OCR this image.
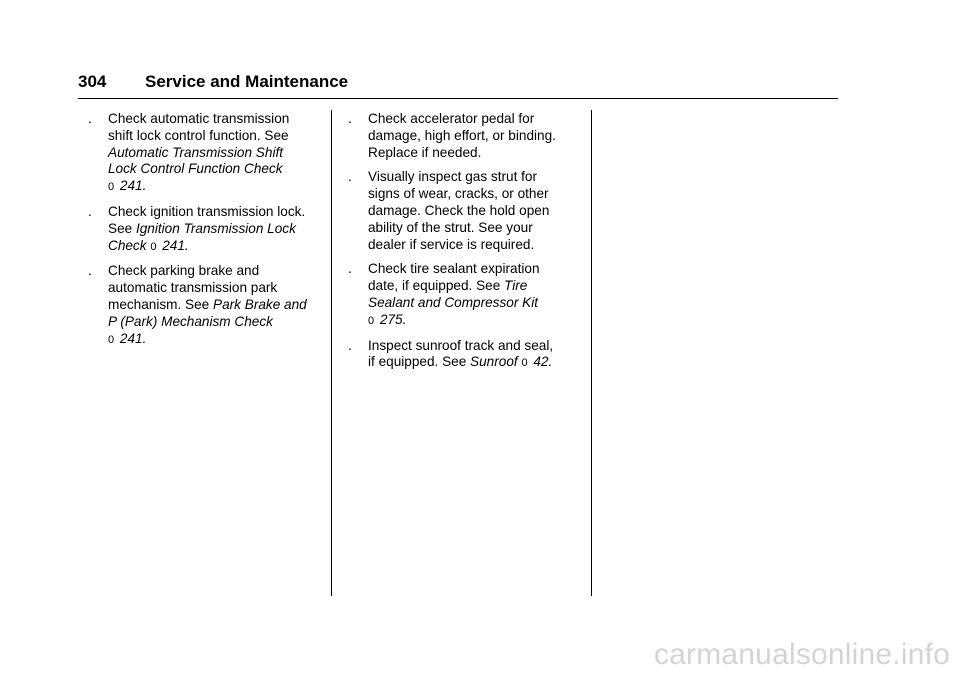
304 Service and Maintenance
. Check automatic transmission
shift lock control function. See
Automatic Transmission Shift
Lock Control Function Check
0 241.
. Check ignition transmission lock.
See Ignition Transmission Lock
Check 0 241.
. Check parking brake and
automatic transmission park
mechanism. See Park Brake and
P (Park) Mechanism Check
0 241.
. Check accelerator pedal for
damage, high effort, or binding.
Replace if needed.
. Visually inspect gas strut for
signs of wear, cracks, or other
damage. Check the hold open
ability of the strut. See your
dealer if service is required.
. Check tire sealant expiration
date, if equipped. See Tire
Sealant and Compressor Kit
0 275.
. Inspect sunroof track and seal,
if equipped. See Sunroof 0 42.
carmanualsonline.info
